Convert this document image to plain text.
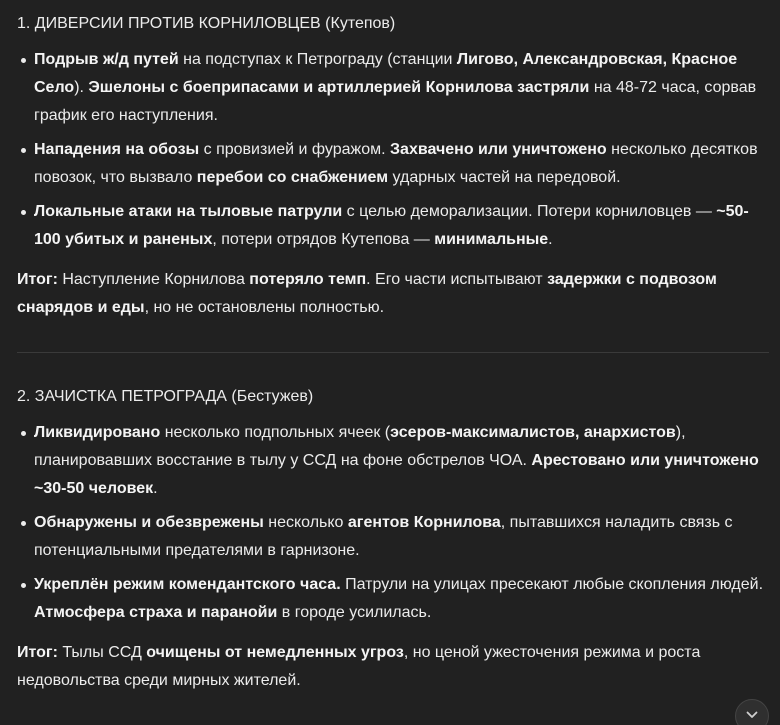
1. ДИВЕРСИИ ПРОТИВ КОРНИЛОВЦЕВ (Кутепов)

Подрыв ж/д путей на подступах к Петрограду (станции Лигово, Александровская, Красное Село). Эшелоны с боеприпасами и артиллерией Корнилова застряли на 48-72 часа, сорвав график его наступления.
Нападения на обозы с провизией и фуражом. Захвачено или уничтожено несколько десятков повозок, что вызвало перебои со снабжением ударных частей на передовой.
Локальные атаки на тыловые патрули с целью деморализации. Потери корниловцев — ~50-100 убитых и раненых, потери отрядов Кутепова — минимальные.

Итог: Наступление Корнилова потеряло темп. Его части испытывают задержки с подвозом снарядов и еды, но не остановлены полностью.

2. ЗАЧИСТКА ПЕТРОГРАДА (Бестужев)

Ликвидировано несколько подпольных ячеек (эсеров-максималистов, анархистов), планировавших восстание в тылу у ССД на фоне обстрелов ЧОА. Арестовано или уничтожено ~30-50 человек.
Обнаружены и обезврежены несколько агентов Корнилова, пытавшихся наладить связь с потенциальными предателями в гарнизоне.
Укреплён режим комендантского часа. Патрули на улицах пресекают любые скопления людей. Атмосфера страха и паранойи в городе усилилась.

Итог: Тылы ССД очищены от немедленных угроз, но ценой ужесточения режима и роста недовольства среди мирных жителей.
